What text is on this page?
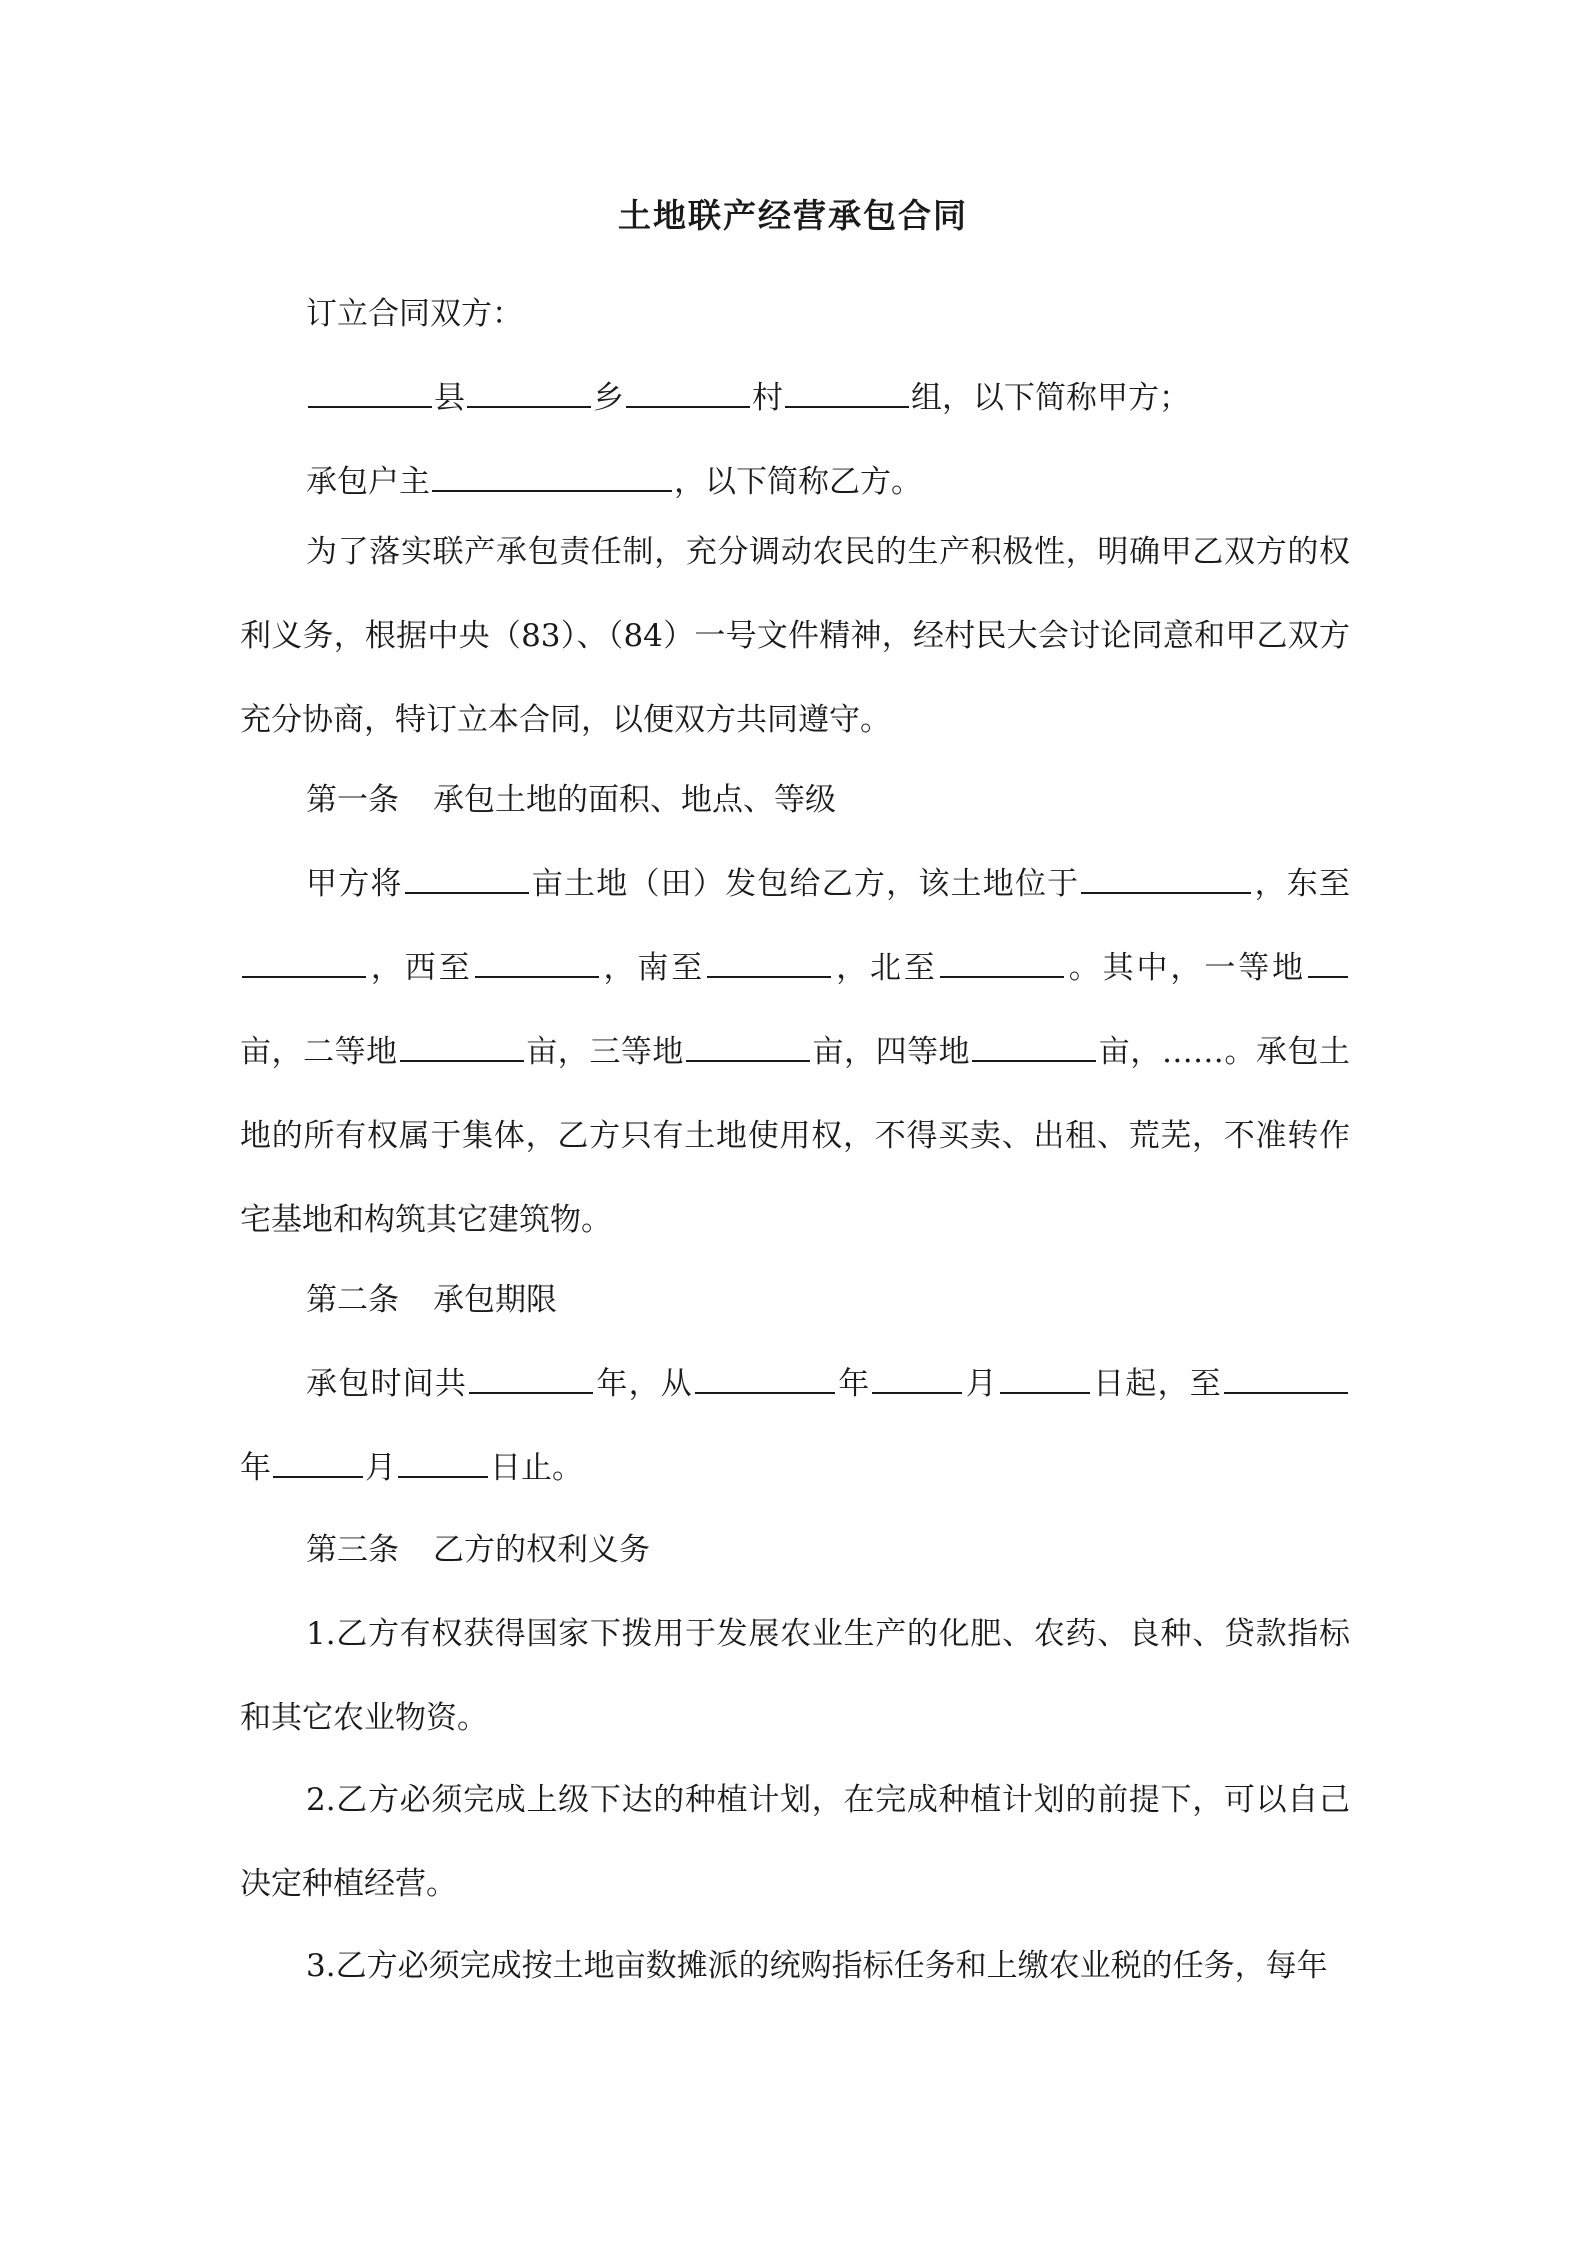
土地联产经营承包合同
订立合同双方：
县	乡	村	组，以下简称甲方；
承包户主	，以下简称乙方。
为了落实联产承包责任制，充分调动农民的生产积极性，明确甲乙双方的权利义务，根据中央（83）、（84）一号文件精神，经村民大会讨论同意和甲乙双方充分协商，特订立本合同，以便双方共同遵守。
第一条 承包土地的面积、地点、等级
甲方将	亩土地（田）发包给乙方，该土地位于	，东至，西至	，南至	，北至	。其中，一等地亩，二等地	亩，三等地	亩，四等地	亩，……。承包土地的所有权属于集体，乙方只有土地使用权，不得买卖、出租、荒芜，不准转作宅基地和构筑其它建筑物。
第二条 承包期限
承包时间共	年，从	年	月	日起，至年	月	日止。
第三条 乙方的权利义务
1.乙方有权获得国家下拨用于发展农业生产的化肥、农药、良种、贷款指标和其它农业物资。
2.乙方必须完成上级下达的种植计划，在完成种植计划的前提下，可以自己决定种植经营。
3.乙方必须完成按土地亩数摊派的统购指标任务和上缴农业税的任务，每年
